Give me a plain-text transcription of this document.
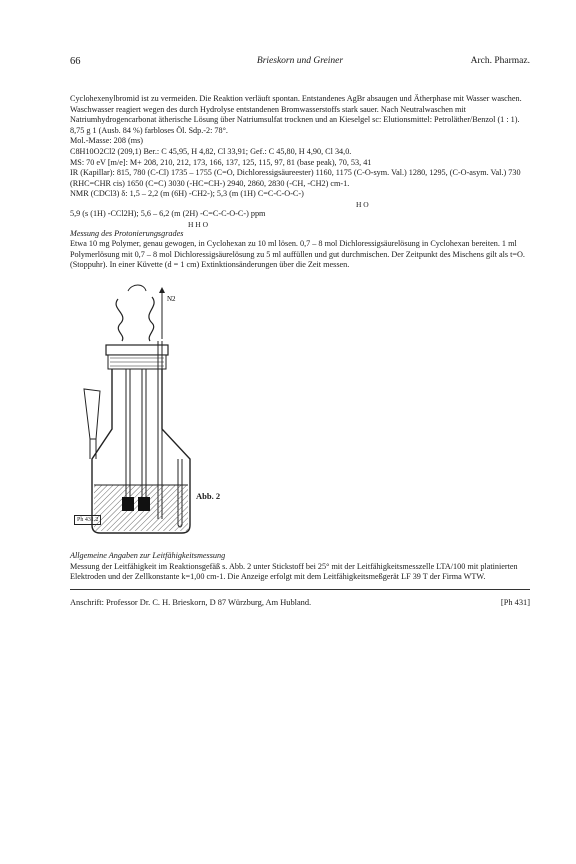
66	Brieskorn und Greiner	Arch. Pharmaz.

Cyclohexenylbromid ist zu vermeiden. Die Reaktion verläuft spontan. Entstandenes AgBr absaugen und Ätherphase mit Wasser waschen. Waschwasser reagiert wegen des durch Hydrolyse entstandenen Bromwasserstoffs stark sauer. Nach Neutralwaschen mit Natriumhydrogencarbonat ätherische Lösung über Natriumsulfat trocknen und an Kieselgel sc: Elutionsmittel: Petroläther/Benzol (1 : 1). 8,75 g 1 (Ausb. 84 %) farbloses Öl. Sdp.-2: 78°.

Mol.-Masse: 208 (ms)

C8H10O2Cl2 (209,1) Ber.: C 45,95, H 4,82, Cl 33,91; Gef.: C 45,80, H 4,90, Cl 34,0.

MS: 70 eV [m/e]: M+ 208, 210, 212, 173, 166, 137, 125, 115, 97, 81 (base peak), 70, 53, 41

IR (Kapillar): 815, 780 (C-Cl) 1735 – 1755 (C=O, Dichloressigsäureester) 1160, 1175 (C-O-sym. Val.) 1280, 1295, (C-O-asym. Val.) 730 (RHC=CHR cis) 1650 (C=C) 3030 (-HC=CH-) 2940, 2860, 2830 (-CH, -CH2) cm-1.

NMR (CDCl3) δ: 1,5 – 2,2 (m (6H) -CH2-); 5,3 (m (1H) C=C-C-O-C-)

H O

5,9 (s (1H) -CCl2H); 5,6 – 6,2 (m (2H) -C=C-C-O-C-) ppm

H H O

Messung des Protonierungsgrades

Etwa 10 mg Polymer, genau gewogen, in Cyclohexan zu 10 ml lösen. 0,7 – 8 mol Dichloressigsäurelösung in Cyclohexan bereiten. 1 ml Polymerlösung mit 0,7 – 8 mol Dichloressigsäurelösung zu 5 ml auffüllen und gut durchmischen. Der Zeitpunkt des Mischens gilt als t=O. (Stoppuhr). In einer Küvette (d = 1 cm) Extinktionsänderungen über die Zeit messen.

N2
Abb. 2
Ph 431.2

Allgemeine Angaben zur Leitfähigkeitsmessung

Messung der Leitfähigkeit im Reaktionsgefäß s. Abb. 2 unter Stickstoff bei 25° mit der Leitfähigkeitsmesszelle LTA/100 mit platinierten Elektroden und der Zellkonstante k=1,00 cm-1. Die Anzeige erfolgt mit dem Leitfähigkeitsmeßgerät LF 39 T der Firma WTW.

Anschrift: Professor Dr. C. H. Brieskorn, D 87 Würzburg, Am Hubland.	[Ph 431]
